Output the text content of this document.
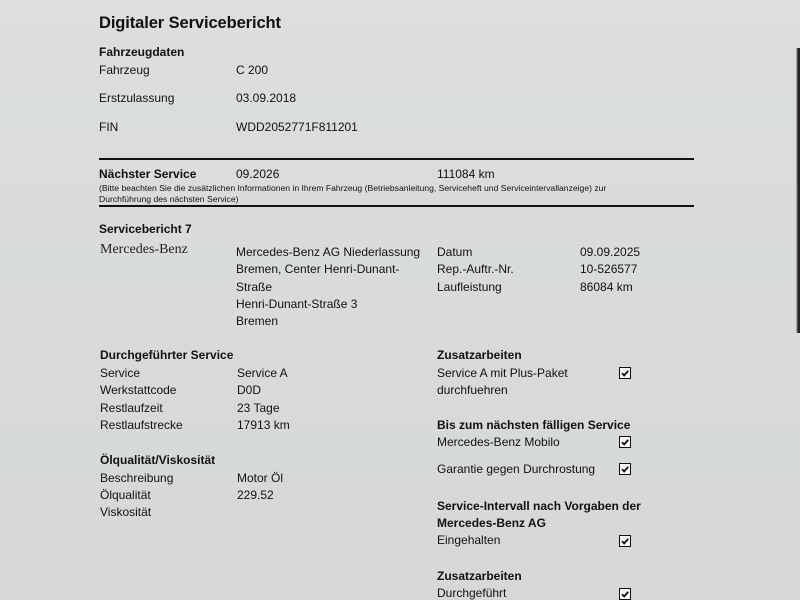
Digitaler Servicebericht
Fahrzeugdaten
Fahrzeug	C 200
Erstzulassung	03.09.2018
FIN	WDD2052771F811201
Nächster Service	09.2026	111084 km
(Bitte beachten Sie die zusätzlichen Informationen in Ihrem Fahrzeug (Betriebsanleitung, Serviceheft und Serviceintervallanzeige) zur Durchführung des nächsten Service)
Servicebericht 7
Mercedes-Benz	Mercedes-Benz AG Niederlassung
Bremen, Center Henri-Dunant-
Straße
Henri-Dunant-Straße 3
Bremen
Datum	09.09.2025
Rep.-Auftr.-Nr.	10-526577
Laufleistung	86084 km
Durchgeführter Service
Service	Service A
Werkstattcode	D0D
Restlaufzeit	23 Tage
Restlaufstrecke	17913 km
Ölqualität/Viskosität
Beschreibung	Motor Öl
Ölqualität	229.52
Viskosität
Zusatzarbeiten
Service A mit Plus-Paket
durchfuehren
Bis zum nächsten fälligen Service
Mercedes-Benz Mobilo
Garantie gegen Durchrostung
Service-Intervall nach Vorgaben der
Mercedes-Benz AG
Eingehalten
Zusatzarbeiten
Durchgeführt
